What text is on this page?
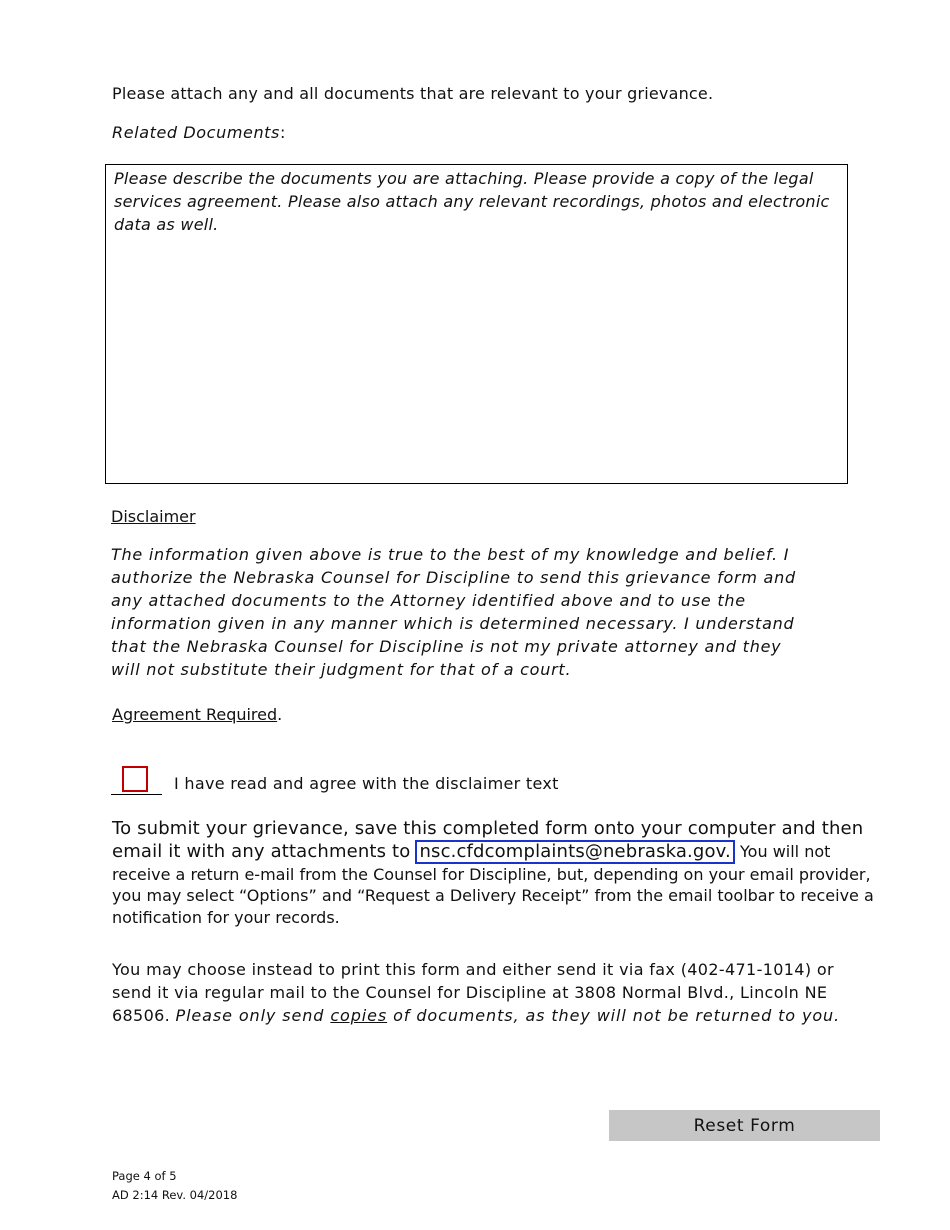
Please attach any and all documents that are relevant to your grievance.

Related Documents:

Please describe the documents you are attaching. Please provide a copy of the legal services agreement. Please also attach any relevant recordings, photos and electronic data as well.

Disclaimer

The information given above is true to the best of my knowledge and belief. I
authorize the Nebraska Counsel for Discipline to send this grievance form and
any attached documents to the Attorney identified above and to use the
information given in any manner which is determined necessary. I understand
that the Nebraska Counsel for Discipline is not my private attorney and they
will not substitute their judgment for that of a court.

Agreement Required.

I have read and agree with the disclaimer text

To submit your grievance, save this completed form onto your computer and then email it with any attachments to nsc.cfdcomplaints@nebraska.gov. You will not receive a return e-mail from the Counsel for Discipline, but, depending on your email provider, you may select “Options” and “Request a Delivery Receipt” from the email toolbar to receive a notification for your records.

You may choose instead to print this form and either send it via fax (402-471-1014) or send it via regular mail to the Counsel for Discipline at 3808 Normal Blvd., Lincoln NE 68506. Please only send copies of documents, as they will not be returned to you.

Reset Form

Page 4 of 5

AD 2:14 Rev. 04/2018
